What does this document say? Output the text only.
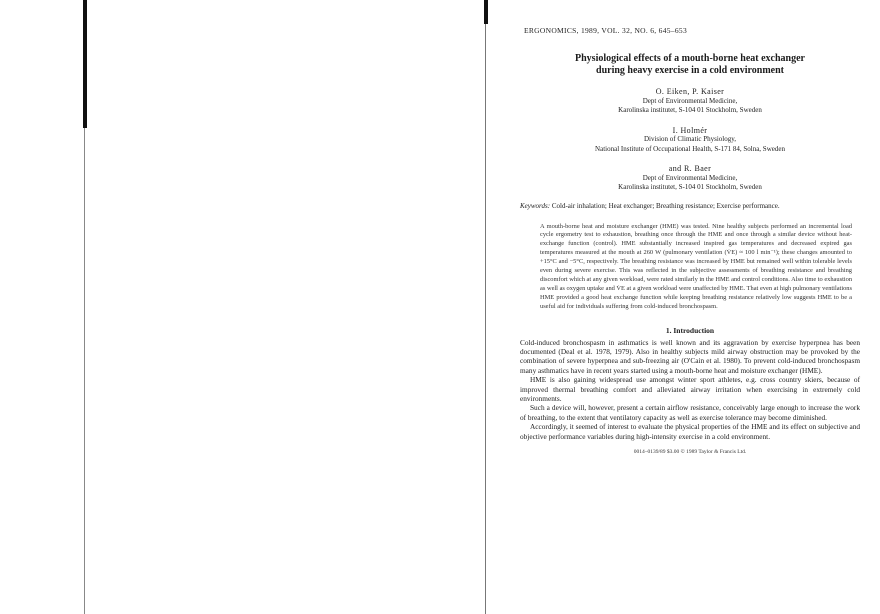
ERGONOMICS, 1989, VOL. 32, NO. 6, 645–653
Physiological effects of a mouth-borne heat exchanger
during heavy exercise in a cold environment
O. Eiken, P. Kaiser
Dept of Environmental Medicine,
Karolinska institutet, S-104 01 Stockholm, Sweden
I. Holmér
Division of Climatic Physiology,
National Institute of Occupational Health, S-171 84, Solna, Sweden
and R. Baer
Dept of Environmental Medicine,
Karolinska institutet, S-104 01 Stockholm, Sweden
Keywords: Cold-air inhalation; Heat exchanger; Breathing resistance; Exercise performance.
A mouth-borne heat and moisture exchanger (HME) was tested. Nine healthy subjects performed an incremental load cycle ergometry test to exhaustion, breathing once through the HME and once through a similar device without heat-exchange function (control). HME substantially increased inspired gas temperatures and decreased expired gas temperatures measured at the mouth at 260 W (pulmonary ventilation (V̇E) ≈ 100 l min⁻¹); these changes amounted to +15°C and −5°C, respectively. The breathing resistance was increased by HME but remained well within tolerable levels even during severe exercise. This was reflected in the subjective assessments of breathing resistance and breathing discomfort which at any given workload, were rated similarly in the HME and control conditions. Also time to exhaustion as well as oxygen uptake and V̇E at a given workload were unaffected by HME. That even at high pulmonary ventilations HME provided a good heat exchange function while keeping breathing resistance relatively low suggests HME to be a useful aid for individuals suffering from cold-induced bronchospasm.
1. Introduction

Cold-induced bronchospasm in asthmatics is well known and its aggravation by exercise hyperpnea has been documented (Deal et al. 1978, 1979). Also in healthy subjects mild airway obstruction may be provoked by the combination of severe hyperpnea and sub-freezing air (O'Cain et al. 1980). To prevent cold-induced bronchospasm many asthmatics have in recent years started using a mouth-borne heat and moisture exchanger (HME).

HME is also gaining widespread use amongst winter sport athletes, e.g. cross country skiers, because of improved thermal breathing comfort and alleviated airway irritation when exercising in extremely cold environments.

Such a device will, however, present a certain airflow resistance, conceivably large enough to increase the work of breathing, to the extent that ventilatory capacity as well as exercise tolerance may become diminished.

Accordingly, it seemed of interest to evaluate the physical properties of the HME and its effect on subjective and objective performance variables during high-intensity exercise in a cold environment.

0014–0139/89 $3.00 © 1989 Taylor & Francis Ltd.
